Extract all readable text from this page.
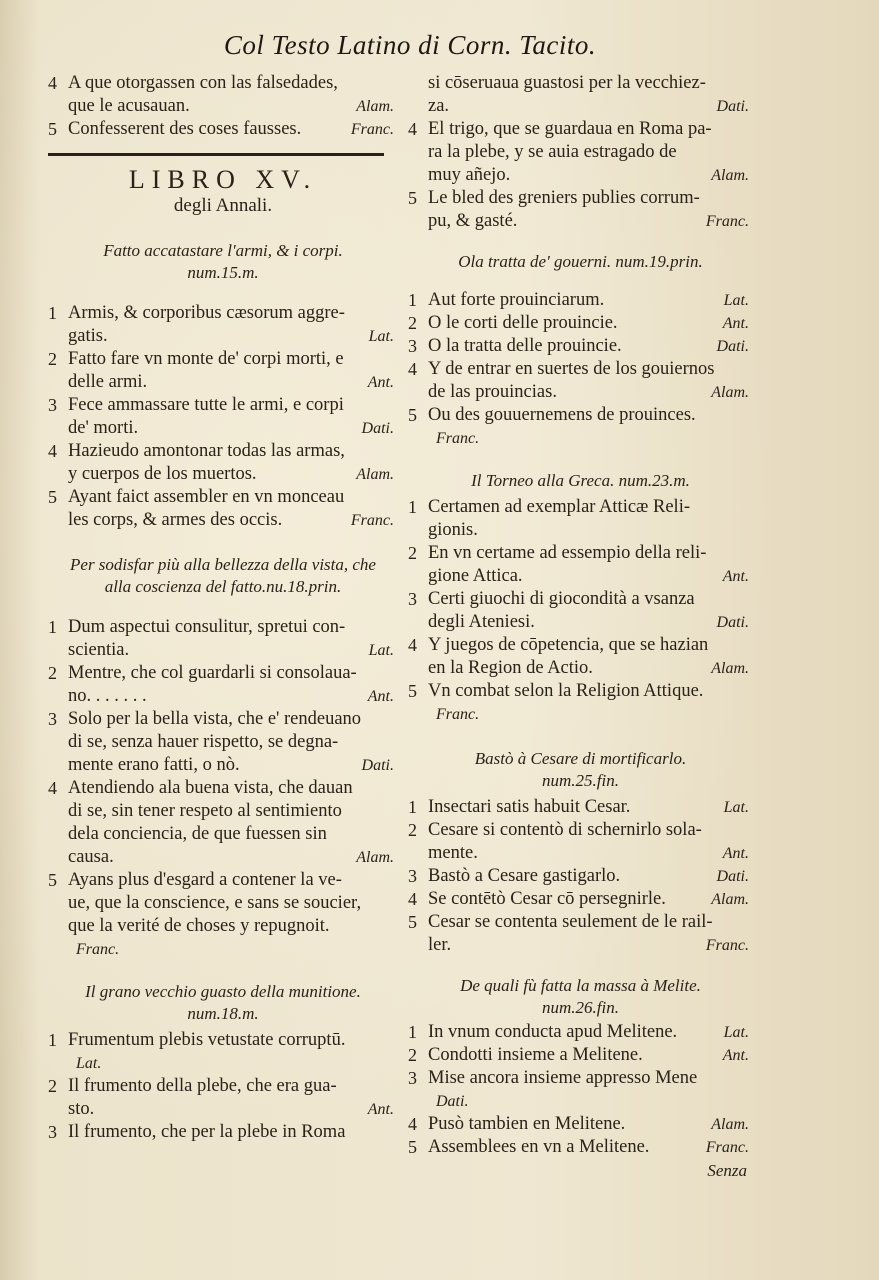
Col Testo Latino di Corn. Tacito.
4 A que otorgassen con las falsedades,
que le acusauan.	Alam.
5 Confesserent des coses fausses.	Franc.

LIBRO XV.

degli Annali.

Fatto accatastare l'armi, & i corpi.

num.15.m.

1 Armis, & corporibus cæsorum aggre-
gatis.	Lat.
2 Fatto fare vn monte de' corpi morti, e
delle armi.	Ant.
3 Fece ammassare tutte le armi, e corpi
de' morti.	Dati.
4 Hazieudo amontonar todas las armas,
y cuerpos de los muertos.	Alam.
5 Ayant faict assembler en vn monceau
les corps, & armes des occis.	Franc.

Per sodisfar più alla bellezza della vista, che

alla coscienza del fatto.nu.18.prin.

1 Dum aspectui consulitur, spretui con-
scientia.	Lat.
2 Mentre, che col guardarli si consolaua-
no. . . . . . .	Ant.
3 Solo per la bella vista, che e' rendeuano
di se, senza hauer rispetto, se degna-
mente erano fatti, o nò.	Dati.
4 Atendiendo ala buena vista, che dauan
di se, sin tener respeto al sentimiento
dela conciencia, de que fuessen sin
causa.	Alam.
5 Ayans plus d'esgard a contener la ve-
ue, que la conscience, e sans se soucier,
que la verité de choses y repugnoit.
Franc.

Il grano vecchio guasto della munitione.

num.18.m.

1 Frumentum plebis vetustate corruptū.
Lat.
2 Il frumento della plebe, che era gua-
sto.	Ant.
3 Il frumento, che per la plebe in Roma
si cōseruaua guastosi per la vecchiez-
za.	Dati.
4 El trigo, que se guardaua en Roma pa-
ra la plebe, y se auia estragado de
muy añejo.	Alam.
5 Le bled des greniers publies corrum-
pu, & gasté.	Franc.

Ola tratta de' gouerni. num.19.prin.

1 Aut forte prouinciarum.	Lat.
2 O le corti delle prouincie.	Ant.
3 O la tratta delle prouincie.	Dati.
4 Y de entrar en suertes de los gouiernos
de las prouincias.	Alam.
5 Ou des gouuernemens de prouinces.
Franc.

Il Torneo alla Greca. num.23.m.

1 Certamen ad exemplar Atticæ Reli-
gionis.
2 En vn certame ad essempio della reli-
gione Attica.	Ant.
3 Certi giuochi di giocondità a vsanza
degli Ateniesi.	Dati.
4 Y juegos de cōpetencia, que se hazian
en la Region de Actio.	Alam.
5 Vn combat selon la Religion Attique.
Franc.

Bastò à Cesare di mortificarlo.

num.25.fin.

1 Insectari satis habuit Cesar.	Lat.
2 Cesare si contentò di schernirlo sola-
mente.	Ant.
3 Bastò a Cesare gastigarlo.	Dati.
4 Se contētò Cesar cō persegnirle.	Alam.
5 Cesar se contenta seulement de le rail-
ler.	Franc.

De quali fù fatta la massa à Melite.

num.26.fin.

1 In vnum conducta apud Melitene.	Lat.
2 Condotti insieme a Melitene.	Ant.
3 Mise ancora insieme appresso Mene
Dati.
4 Pusò tambien en Melitene.	Alam.
5 Assemblees en vn a Melitene.	Franc.
Senza
